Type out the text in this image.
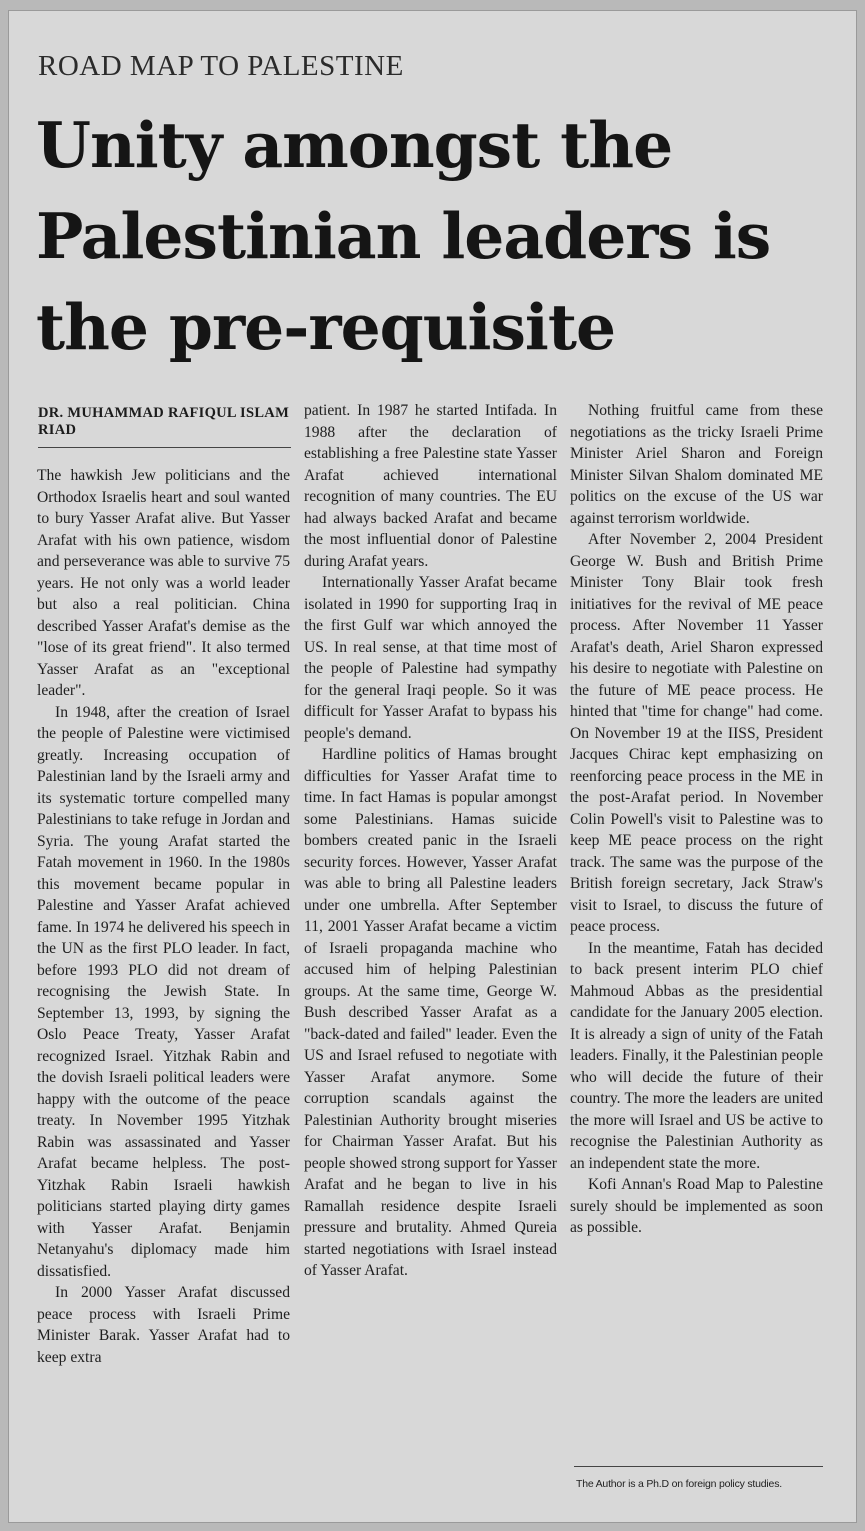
ROAD MAP TO PALESTINE
Unity amongst the Palestinian leaders is the pre-requisite
DR. MUHAMMAD RAFIQUL ISLAM RIAD

The hawkish Jew politicians and the Orthodox Israelis heart and soul wanted to bury Yasser Arafat alive. But Yasser Arafat with his own patience, wisdom and perseverance was able to survive 75 years. He not only was a world leader but also a real politician. China described Yasser Arafat's demise as the "lose of its great friend". It also termed Yasser Arafat as an "exceptional leader".

In 1948, after the creation of Israel the people of Palestine were victimised greatly. Increasing occupation of Palestinian land by the Israeli army and its systematic torture compelled many Palestinians to take refuge in Jordan and Syria. The young Arafat started the Fatah movement in 1960. In the 1980s this movement became popular in Palestine and Yasser Arafat achieved fame. In 1974 he delivered his speech in the UN as the first PLO leader. In fact, before 1993 PLO did not dream of recognising the Jewish State. In September 13, 1993, by signing the Oslo Peace Treaty, Yasser Arafat recognized Israel. Yitzhak Rabin and the dovish Israeli political leaders were happy with the outcome of the peace treaty. In November 1995 Yitzhak Rabin was assassinated and Yasser Arafat became helpless. The post-Yitzhak Rabin Israeli hawkish politicians started playing dirty games with Yasser Arafat. Benjamin Netanyahu's diplomacy made him dissatisfied.

In 2000 Yasser Arafat discussed peace process with Israeli Prime Minister Barak. Yasser Arafat had to keep extra

patient. In 1987 he started Intifada. In 1988 after the declaration of establishing a free Palestine state Yasser Arafat achieved international recognition of many countries. The EU had always backed Arafat and became the most influential donor of Palestine during Arafat years.

Internationally Yasser Arafat became isolated in 1990 for supporting Iraq in the first Gulf war which annoyed the US. In real sense, at that time most of the people of Palestine had sympathy for the general Iraqi people. So it was difficult for Yasser Arafat to bypass his people's demand.

Hardline politics of Hamas brought difficulties for Yasser Arafat time to time. In fact Hamas is popular amongst some Palestinians. Hamas suicide bombers created panic in the Israeli security forces. However, Yasser Arafat was able to bring all Palestine leaders under one umbrella. After September 11, 2001 Yasser Arafat became a victim of Israeli propaganda machine who accused him of helping Palestinian groups. At the same time, George W. Bush described Yasser Arafat as a "back-dated and failed" leader. Even the US and Israel refused to negotiate with Yasser Arafat anymore. Some corruption scandals against the Palestinian Authority brought miseries for Chairman Yasser Arafat. But his people showed strong support for Yasser Arafat and he began to live in his Ramallah residence despite Israeli pressure and brutality. Ahmed Qureia started negotiations with Israel instead of Yasser Arafat.

Nothing fruitful came from these negotiations as the tricky Israeli Prime Minister Ariel Sharon and Foreign Minister Silvan Shalom dominated ME politics on the excuse of the US war against terrorism worldwide.

After November 2, 2004 President George W. Bush and British Prime Minister Tony Blair took fresh initiatives for the revival of ME peace process. After November 11 Yasser Arafat's death, Ariel Sharon expressed his desire to negotiate with Palestine on the future of ME peace process. He hinted that "time for change" had come. On November 19 at the IISS, President Jacques Chirac kept emphasizing on reenforcing peace process in the ME in the post-Arafat period. In November Colin Powell's visit to Palestine was to keep ME peace process on the right track. The same was the purpose of the British foreign secretary, Jack Straw's visit to Israel, to discuss the future of peace process.

In the meantime, Fatah has decided to back present interim PLO chief Mahmoud Abbas as the presidential candidate for the January 2005 election. It is already a sign of unity of the Fatah leaders. Finally, it the Palestinian people who will decide the future of their country. The more the leaders are united the more will Israel and US be active to recognise the Palestinian Authority as an independent state the more.

Kofi Annan's Road Map to Palestine surely should be implemented as soon as possible.

The Author is a Ph.D on foreign policy studies.
